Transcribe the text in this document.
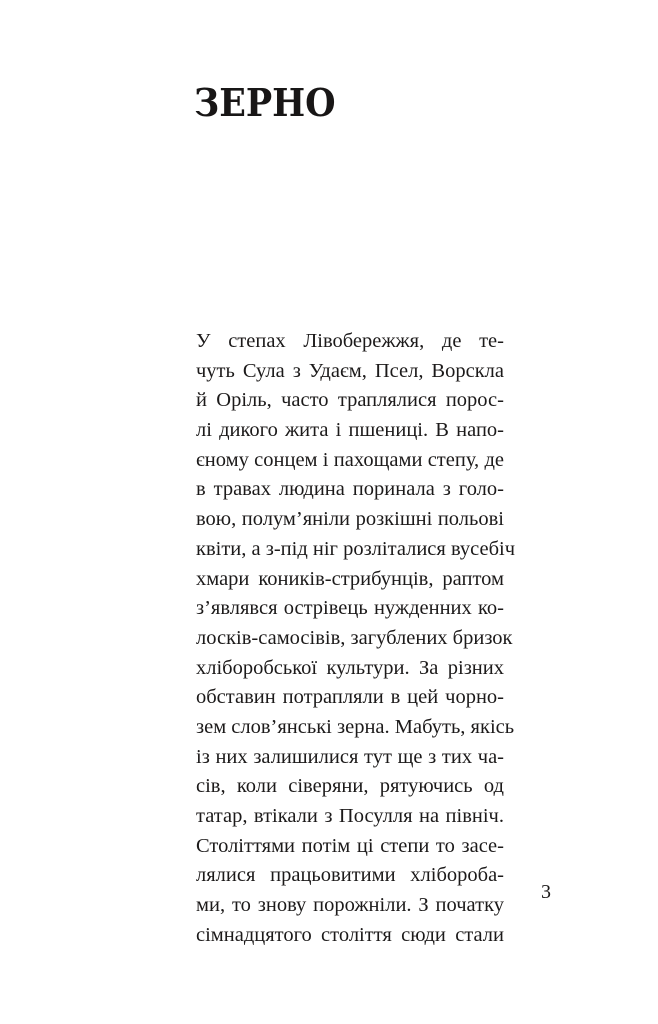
ЗЕРНО
У степах Лівобережжя, де те-
чуть Сула з Удаєм, Псел, Ворскла
й Оріль, часто траплялися порос-
лі дикого жита і пшениці. В напо-
єному сонцем і пахощами степу, де
в травах людина поринала з голо-
вою, полум’яніли розкішні польові
квіти, а з-під ніг розліталися вусебіч
хмари коників-стрибунців, раптом
з’являвся острівець нужденних ко-
лосків-самосівів, загублених бризок
хліборобської культури. За різних
обставин потрапляли в цей чорно-
зем слов’янські зерна. Мабуть, якісь
із них залишилися тут ще з тих ча-
сів, коли сіверяни, рятуючись од
татар, втікали з Посулля на північ.
Століттями потім ці степи то засе-
лялися працьовитими хлібороба-
ми, то знову порожніли. З початку
сімнадцятого століття сюди стали
3
